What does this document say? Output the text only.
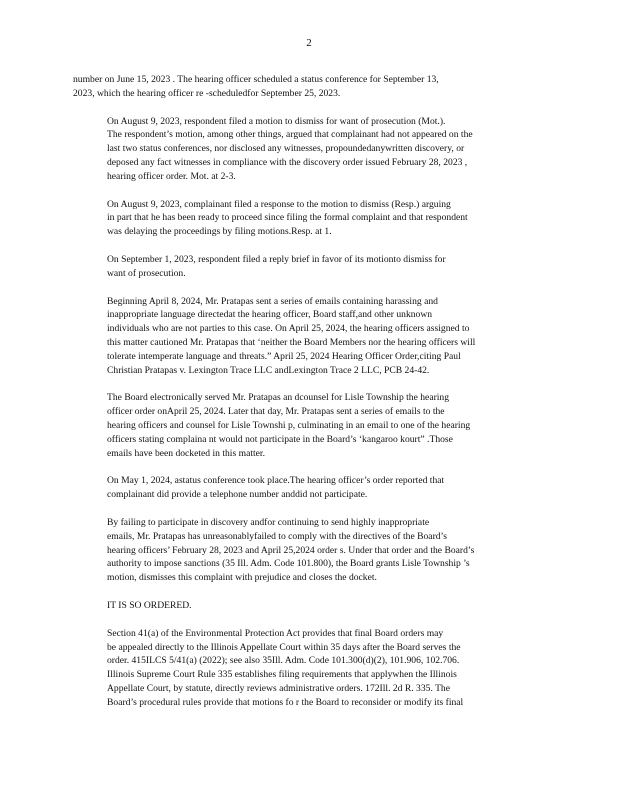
2

number on June 15, 2023 . The hearing officer scheduled a status conference for September 13,
2023, which the hearing officer re -scheduledfor September 25, 2023.

On August 9, 2023, respondent filed a motion to dismiss for want of prosecution (Mot.).
The respondent’s motion, among other things, argued that complainant had not appeared on the
last two status conferences, nor disclosed any witnesses, propoundedanywritten discovery, or
deposed any fact witnesses in compliance with the discovery order issued February 28, 2023 ,
hearing officer order. Mot. at 2-3.

On August 9, 2023, complainant filed a response to the motion to dismiss (Resp.) arguing
in part that he has been ready to proceed since filing the formal complaint and that respondent
was delaying the proceedings by filing motions.Resp. at 1.

On September 1, 2023, respondent filed a reply brief in favor of its motionto dismiss for
want of prosecution.

Beginning April 8, 2024, Mr. Pratapas sent a series of emails containing harassing and
inappropriate language directedat the hearing officer, Board staff,and other unknown
individuals who are not parties to this case. On April 25, 2024, the hearing officers assigned to
this matter cautioned Mr. Pratapas that ‘neither the Board Members nor the hearing officers will
tolerate intemperate language and threats.” April 25, 2024 Hearing Officer Order,citing Paul
Christian Pratapas v. Lexington Trace LLC andLexington Trace 2 LLC, PCB 24-42.

The Board electronically served Mr. Pratapas an dcounsel for Lisle Township the hearing
officer order onApril 25, 2024. Later that day, Mr. Pratapas sent a series of emails to the
hearing officers and counsel for Lisle Townshi p, culminating in an email to one of the hearing
officers stating complaina nt would not participate in the Board’s ‘kangaroo kourt” .Those
emails have been docketed in this matter.

On May 1, 2024, astatus conference took place.The hearing officer’s order reported that
complainant did provide a telephone number anddid not participate.

By failing to participate in discovery andfor continuing to send highly inappropriate
emails, Mr. Pratapas has unreasonablyfailed to comply with the directives of the Board’s
hearing officers’ February 28, 2023 and April 25,2024 order s. Under that order and the Board’s
authority to impose sanctions (35 Ill. Adm. Code 101.800), the Board grants Lisle Township ’s
motion, dismisses this complaint with prejudice and closes the docket.

IT IS SO ORDERED.

Section 41(a) of the Environmental Protection Act provides that final Board orders may
be appealed directly to the Illinois Appellate Court within 35 days after the Board serves the
order. 415ILCS 5/41(a) (2022); see also 35Ill. Adm. Code 101.300(d)(2), 101.906, 102.706.
Illinois Supreme Court Rule 335 establishes filing requirements that applywhen the Illinois
Appellate Court, by statute, directly reviews administrative orders. 172Ill. 2d R. 335. The
Board’s procedural rules provide that motions fo r the Board to reconsider or modify its final
